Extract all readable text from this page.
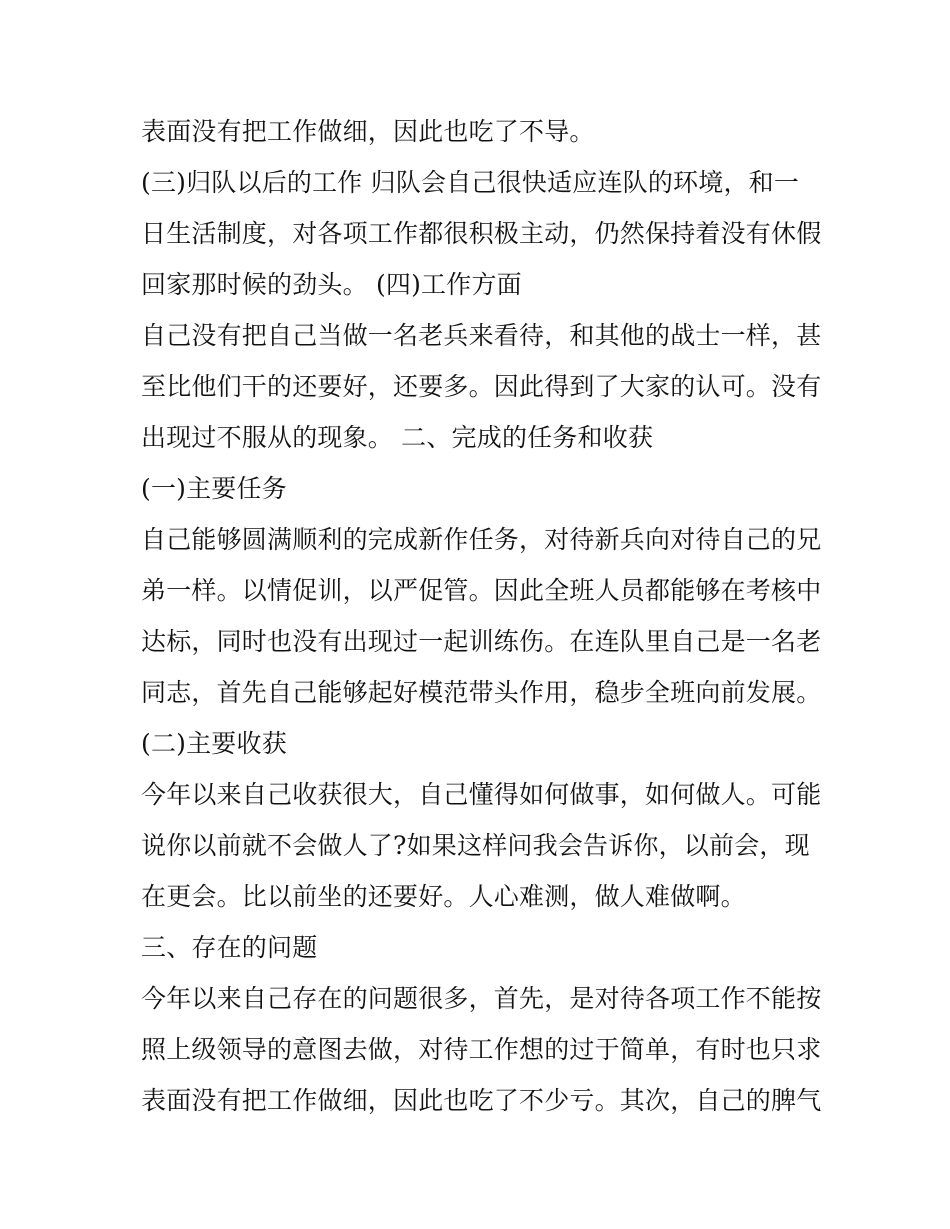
表面没有把工作做细，因此也吃了不导。
(三)归队以后的工作 归队会自己很快适应连队的环境，和一
日生活制度，对各项工作都很积极主动，仍然保持着没有休假
回家那时候的劲头。 (四)工作方面
自己没有把自己当做一名老兵来看待，和其他的战士一样，甚
至比他们干的还要好，还要多。因此得到了大家的认可。没有
出现过不服从的现象。 二、完成的任务和收获
(一)主要任务
自己能够圆满顺利的完成新作任务，对待新兵向对待自己的兄
弟一样。以情促训，以严促管。因此全班人员都能够在考核中
达标，同时也没有出现过一起训练伤。在连队里自己是一名老
同志，首先自己能够起好模范带头作用，稳步全班向前发展。
(二)主要收获
今年以来自己收获很大，自己懂得如何做事，如何做人。可能
说你以前就不会做人了?如果这样问我会告诉你，以前会，现
在更会。比以前坐的还要好。人心难测，做人难做啊。
三、存在的问题
今年以来自己存在的问题很多，首先，是对待各项工作不能按
照上级领导的意图去做，对待工作想的过于简单，有时也只求
表面没有把工作做细，因此也吃了不少亏。其次，自己的脾气
